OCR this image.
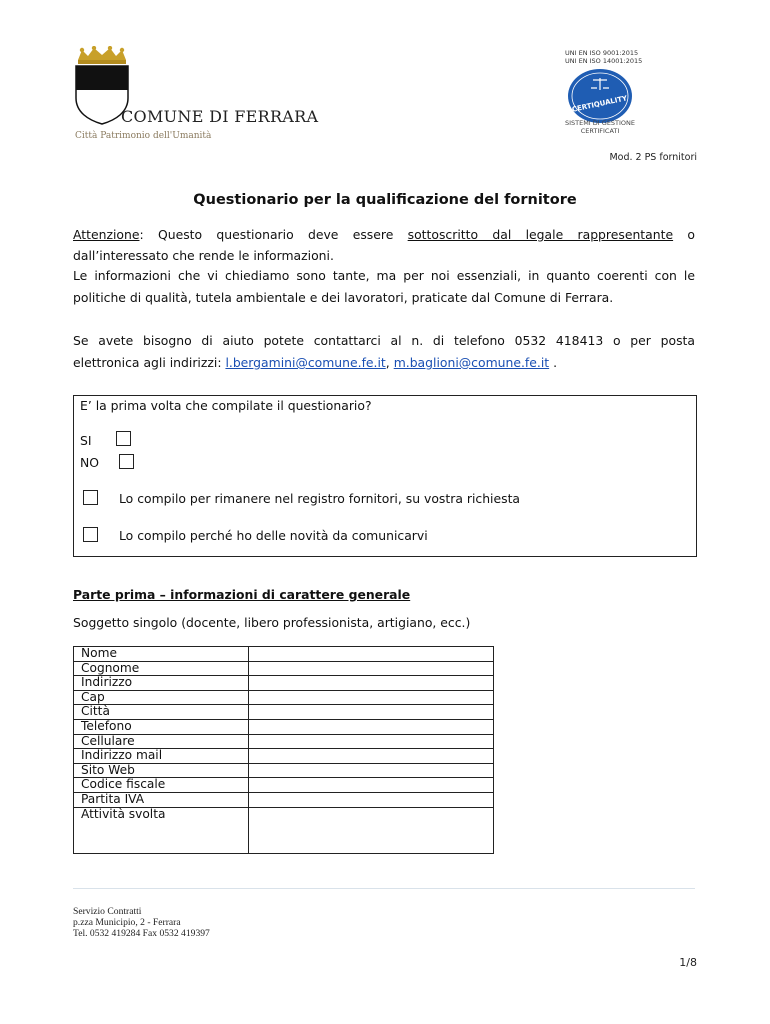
COMUNE DI FERRARA
Città Patrimonio dell'Umanità
UNI EN ISO 9001:2015
UNI EN ISO 14001:2015
CERTIQUALITY
SISTEMI DI GESTIONE
CERTIFICATI
Mod. 2 PS fornitori
Questionario per la qualificazione del fornitore
Attenzione: Questo questionario deve essere sottoscritto dal legale rappresentante o
dall’interessato che rende le informazioni.
Le informazioni che vi chiediamo sono tante, ma per noi essenziali, in quanto coerenti con le
politiche di qualità, tutela ambientale e dei lavoratori, praticate dal Comune di Ferrara.
Se avete bisogno di aiuto potete contattarci al n. di telefono 0532 418413 o per posta
elettronica agli indirizzi: l.bergamini@comune.fe.it, m.baglioni@comune.fe.it .
E’ la prima volta che compilate il questionario?
SI
NO
Lo compilo per rimanere nel registro fornitori, su vostra richiesta
Lo compilo perché ho delle novità da comunicarvi
Parte prima – informazioni di carattere generale
Soggetto singolo (docente, libero professionista, artigiano, ecc.)
Nome	
Cognome	
Indirizzo	
Cap	
Città	
Telefono	
Cellulare	
Indirizzo mail	
Sito Web	
Codice fiscale	
Partita IVA	
Attività svolta	
Servizio Contratti
p.zza Municipio, 2 - Ferrara
Tel. 0532 419284 Fax 0532 419397
1/8
